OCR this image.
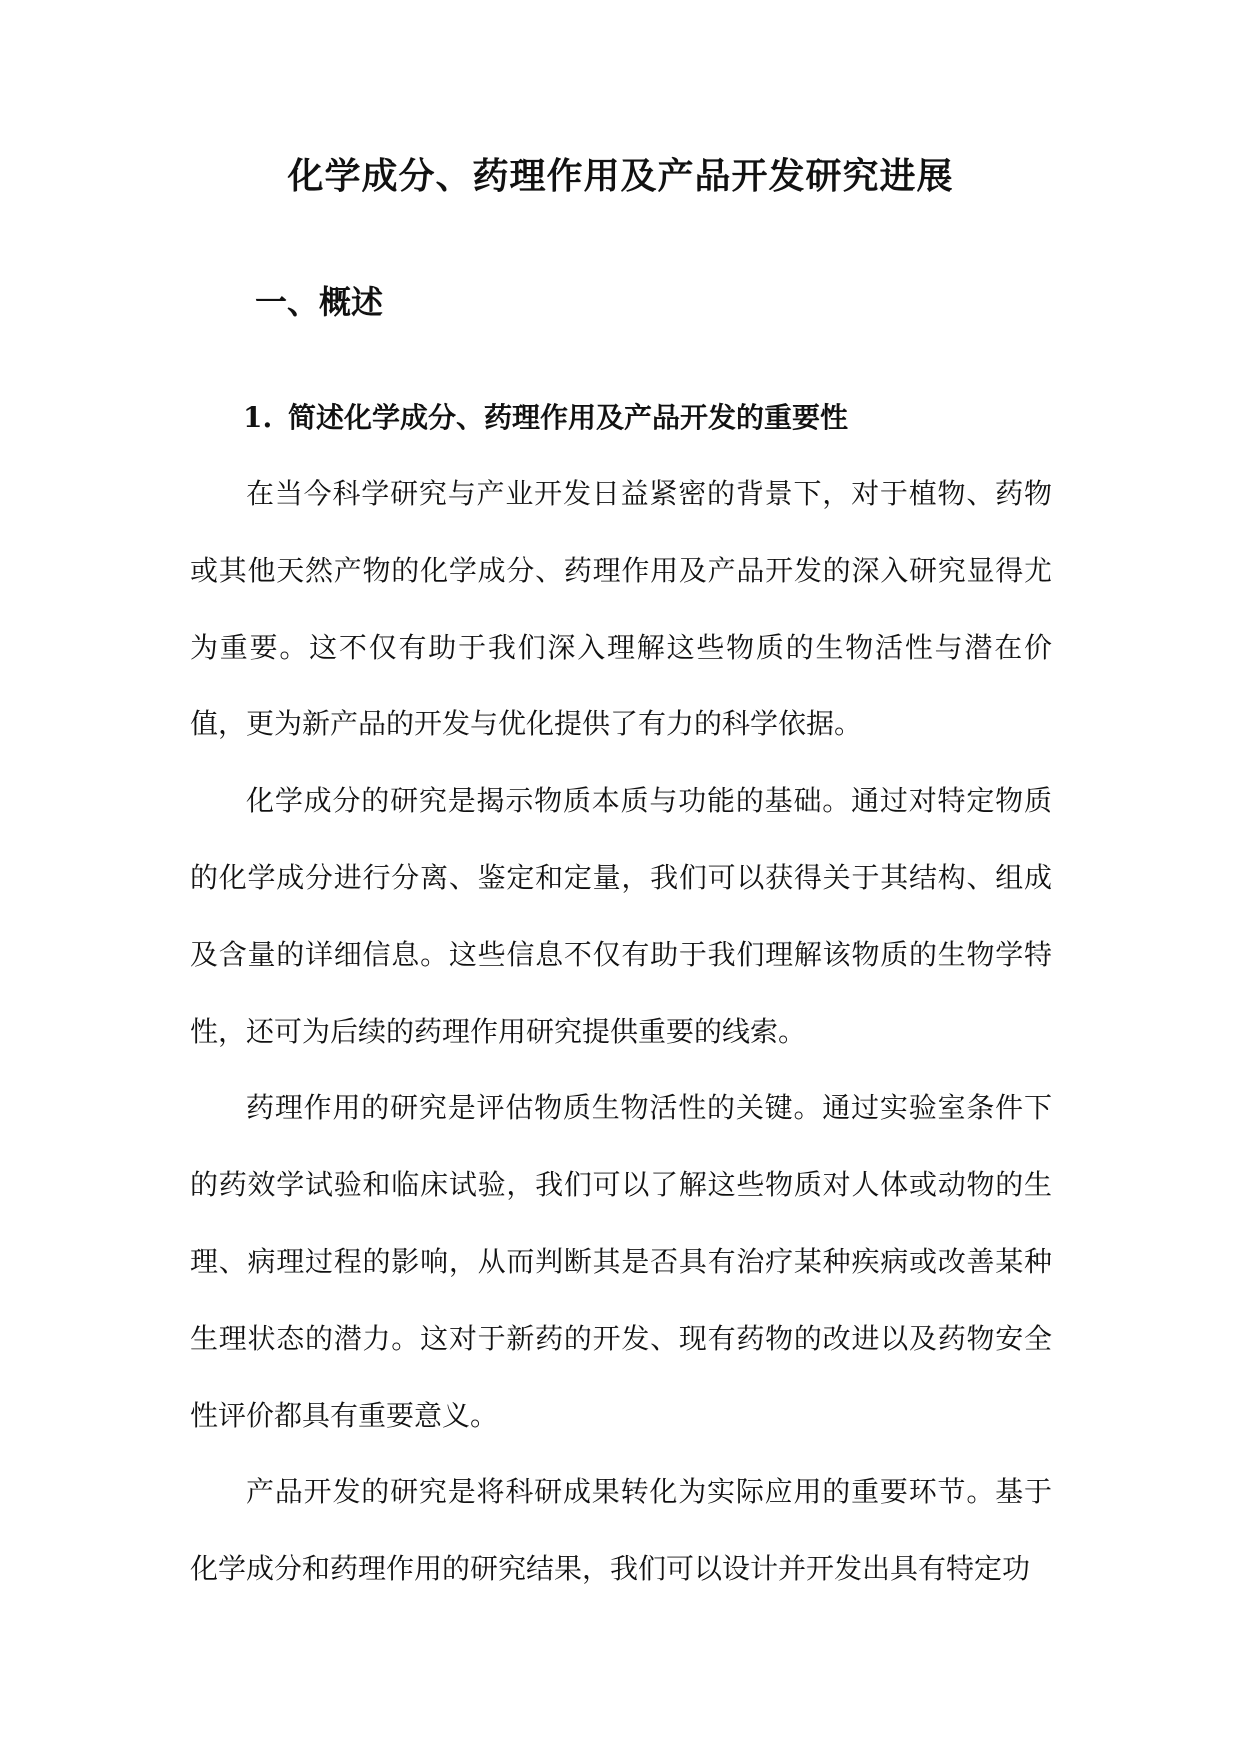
化学成分、药理作用及产品开发研究进展
一、概述
1. 简述化学成分、药理作用及产品开发的重要性

在当今科学研究与产业开发日益紧密的背景下，对于植物、药物或其他天然产物的化学成分、药理作用及产品开发的深入研究显得尤为重要。这不仅有助于我们深入理解这些物质的生物活性与潜在价值，更为新产品的开发与优化提供了有力的科学依据。

化学成分的研究是揭示物质本质与功能的基础。通过对特定物质的化学成分进行分离、鉴定和定量，我们可以获得关于其结构、组成及含量的详细信息。这些信息不仅有助于我们理解该物质的生物学特性，还可为后续的药理作用研究提供重要的线索。

药理作用的研究是评估物质生物活性的关键。通过实验室条件下的药效学试验和临床试验，我们可以了解这些物质对人体或动物的生理、病理过程的影响，从而判断其是否具有治疗某种疾病或改善某种生理状态的潜力。这对于新药的开发、现有药物的改进以及药物安全性评价都具有重要意义。

产品开发的研究是将科研成果转化为实际应用的重要环节。基于化学成分和药理作用的研究结果，我们可以设计并开发出具有特定功
